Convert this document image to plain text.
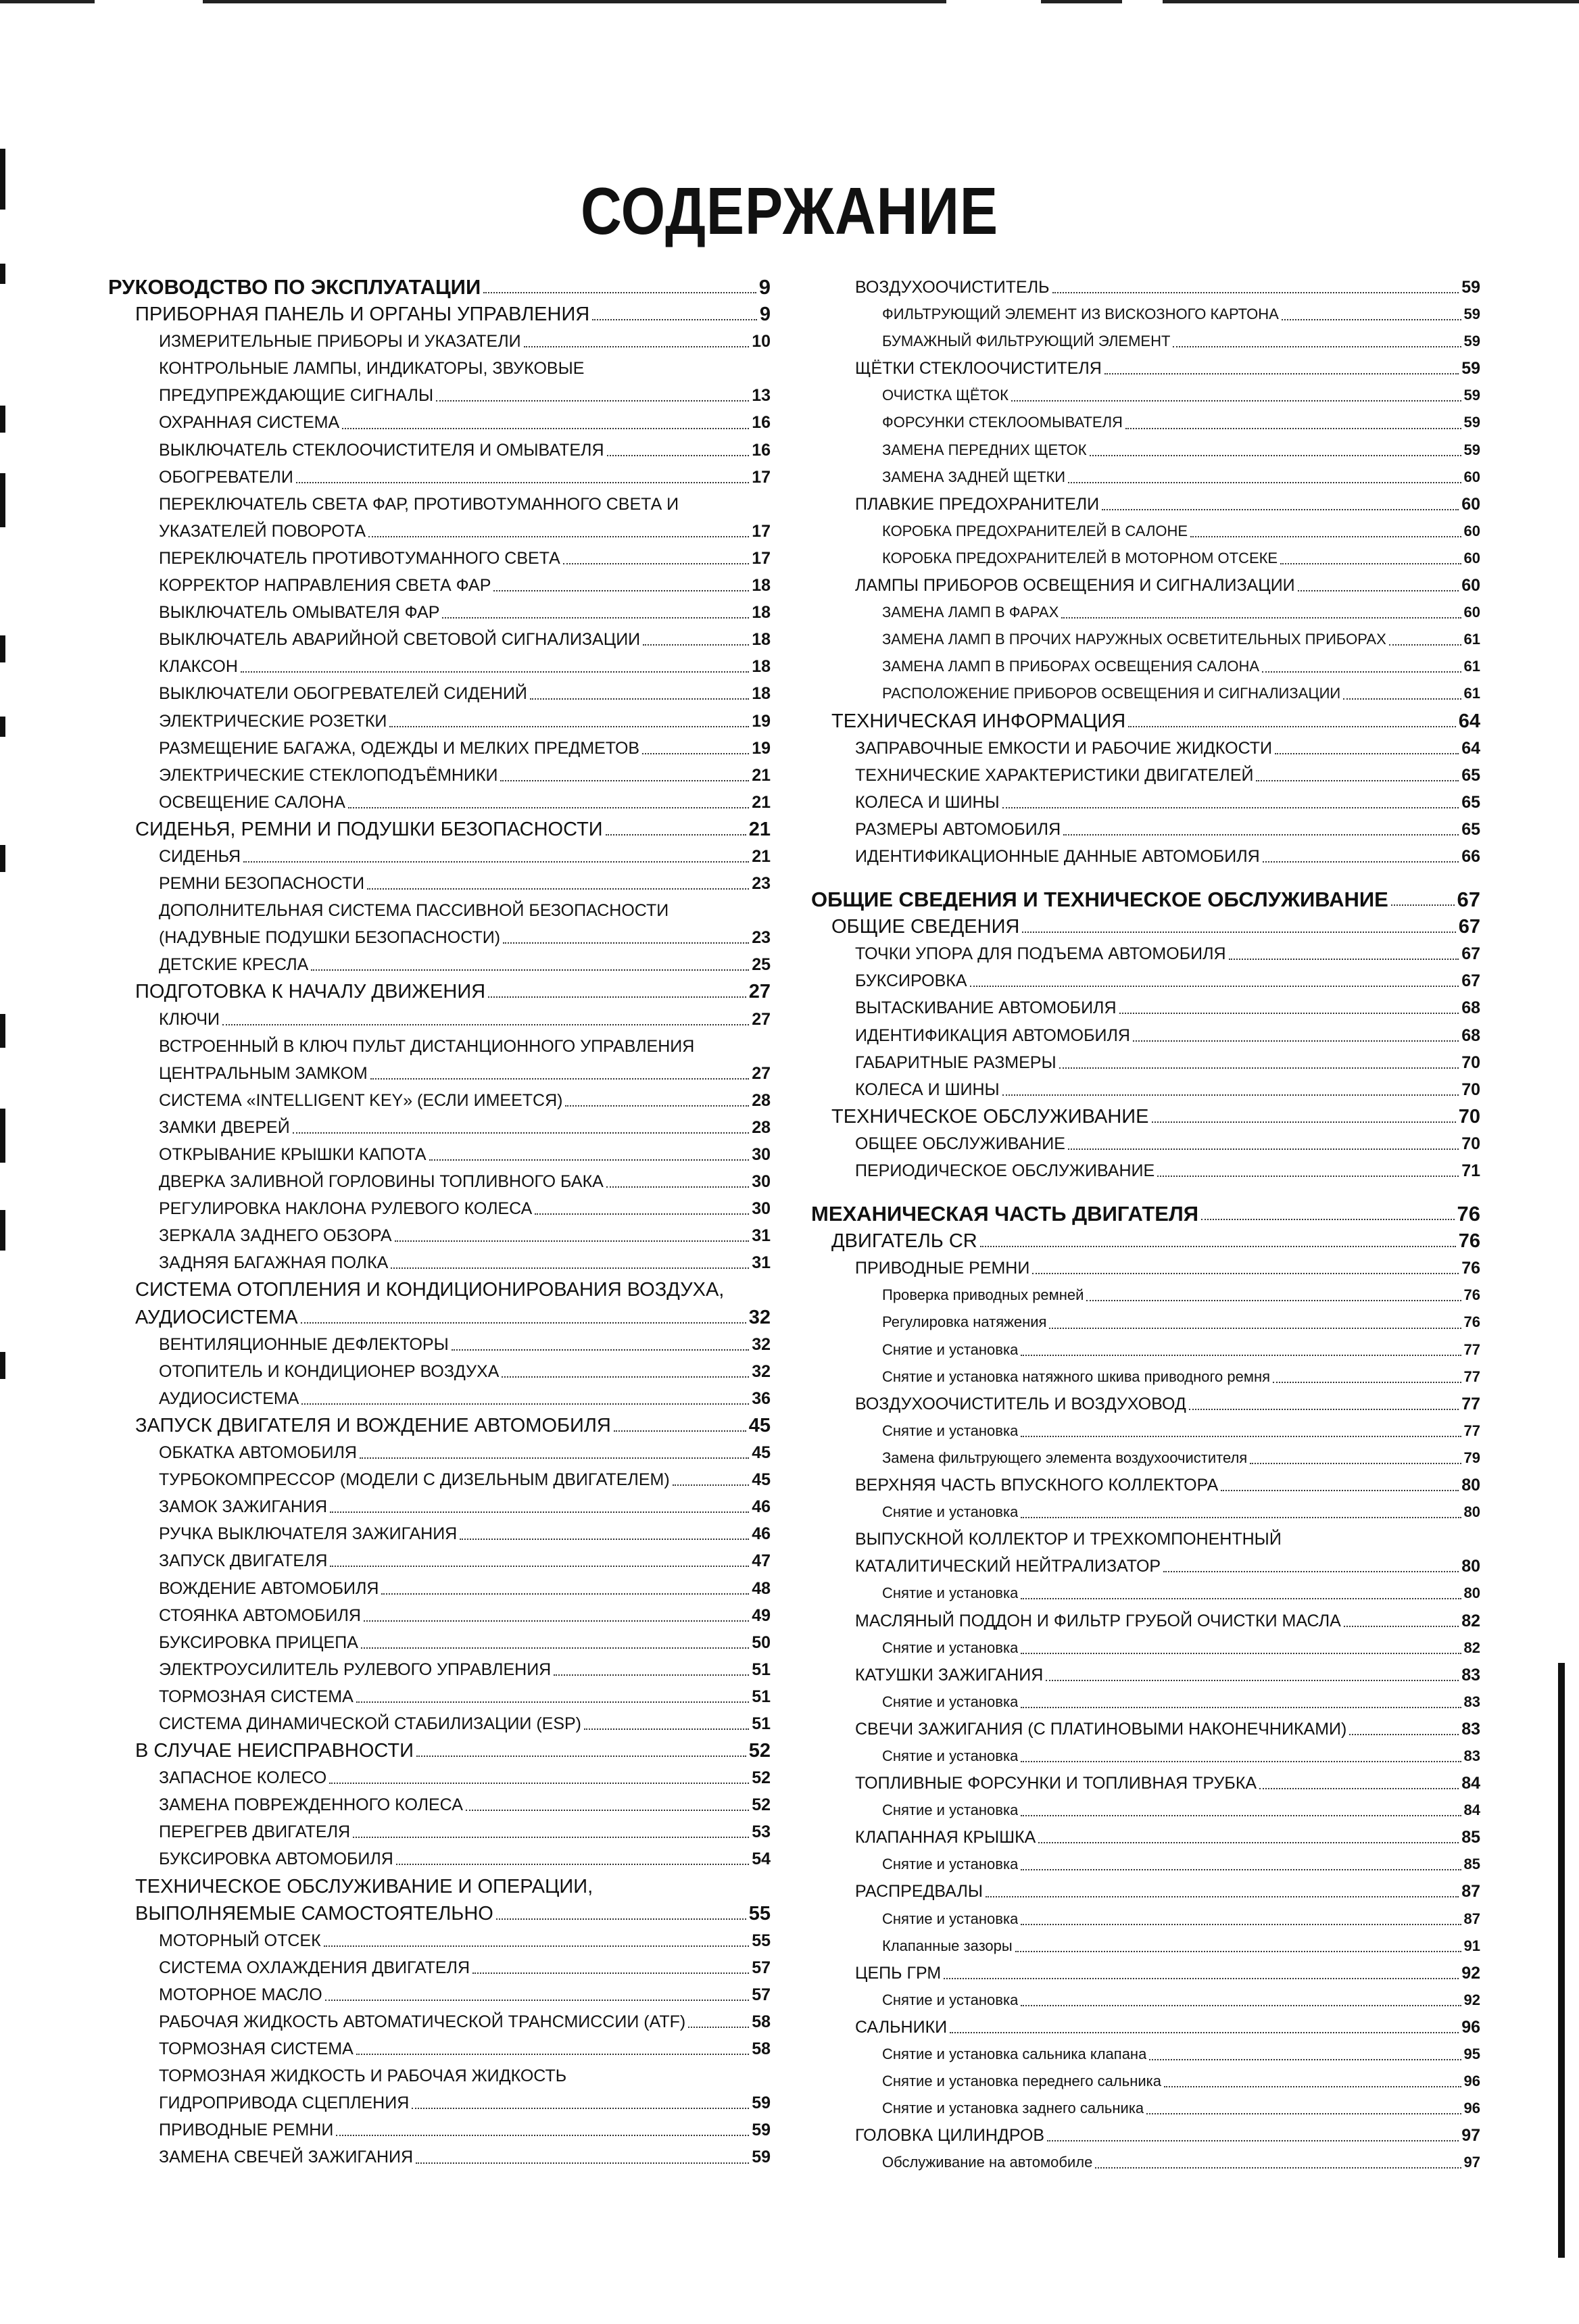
СОДЕРЖАНИЕ
РУКОВОДСТВО ПО ЭКСПЛУАТАЦИИ	9
ПРИБОРНАЯ ПАНЕЛЬ И ОРГАНЫ УПРАВЛЕНИЯ	9
ИЗМЕРИТЕЛЬНЫЕ ПРИБОРЫ И УКАЗАТЕЛИ	10
КОНТРОЛЬНЫЕ ЛАМПЫ, ИНДИКАТОРЫ, ЗВУКОВЫЕ
ПРЕДУПРЕЖДАЮЩИЕ СИГНАЛЫ	13
ОХРАННАЯ СИСТЕМА	16
ВЫКЛЮЧАТЕЛЬ СТЕКЛООЧИСТИТЕЛЯ И ОМЫВАТЕЛЯ	16
ОБОГРЕВАТЕЛИ	17
ПЕРЕКЛЮЧАТЕЛЬ СВЕТА ФАР, ПРОТИВОТУМАННОГО СВЕТА И
УКАЗАТЕЛЕЙ ПОВОРОТА	17
ПЕРЕКЛЮЧАТЕЛЬ ПРОТИВОТУМАННОГО СВЕТА	17
КОРРЕКТОР НАПРАВЛЕНИЯ СВЕТА ФАР	18
ВЫКЛЮЧАТЕЛЬ ОМЫВАТЕЛЯ ФАР	18
ВЫКЛЮЧАТЕЛЬ АВАРИЙНОЙ СВЕТОВОЙ СИГНАЛИЗАЦИИ	18
КЛАКСОН	18
ВЫКЛЮЧАТЕЛИ ОБОГРЕВАТЕЛЕЙ СИДЕНИЙ	18
ЭЛЕКТРИЧЕСКИЕ РОЗЕТКИ	19
РАЗМЕЩЕНИЕ БАГАЖА, ОДЕЖДЫ И МЕЛКИХ ПРЕДМЕТОВ	19
ЭЛЕКТРИЧЕСКИЕ СТЕКЛОПОДЪЁМНИКИ	21
ОСВЕЩЕНИЕ САЛОНА	21
СИДЕНЬЯ, РЕМНИ И ПОДУШКИ БЕЗОПАСНОСТИ	21
СИДЕНЬЯ	21
РЕМНИ БЕЗОПАСНОСТИ	23
ДОПОЛНИТЕЛЬНАЯ СИСТЕМА ПАССИВНОЙ БЕЗОПАСНОСТИ
(НАДУВНЫЕ ПОДУШКИ БЕЗОПАСНОСТИ)	23
ДЕТСКИЕ КРЕСЛА	25
ПОДГОТОВКА К НАЧАЛУ ДВИЖЕНИЯ	27
КЛЮЧИ	27
ВСТРОЕННЫЙ В КЛЮЧ ПУЛЬТ ДИСТАНЦИОННОГО УПРАВЛЕНИЯ
ЦЕНТРАЛЬНЫМ ЗАМКОМ	27
СИСТЕМА «INTELLIGENT KEY» (ЕСЛИ ИМЕЕТСЯ)	28
ЗАМКИ ДВЕРЕЙ	28
ОТКРЫВАНИЕ КРЫШКИ КАПОТА	30
ДВЕРКА ЗАЛИВНОЙ ГОРЛОВИНЫ ТОПЛИВНОГО БАКА	30
РЕГУЛИРОВКА НАКЛОНА РУЛЕВОГО КОЛЕСА	30
ЗЕРКАЛА ЗАДНЕГО ОБЗОРА	31
ЗАДНЯЯ БАГАЖНАЯ ПОЛКА	31
СИСТЕМА ОТОПЛЕНИЯ И КОНДИЦИОНИРОВАНИЯ ВОЗДУХА,
АУДИОСИСТЕМА	32
ВЕНТИЛЯЦИОННЫЕ ДЕФЛЕКТОРЫ	32
ОТОПИТЕЛЬ И КОНДИЦИОНЕР ВОЗДУХА	32
АУДИОСИСТЕМА	36
ЗАПУСК ДВИГАТЕЛЯ И ВОЖДЕНИЕ АВТОМОБИЛЯ	45
ОБКАТКА АВТОМОБИЛЯ	45
ТУРБОКОМПРЕССОР (МОДЕЛИ С ДИЗЕЛЬНЫМ ДВИГАТЕЛЕМ)	45
ЗАМОК ЗАЖИГАНИЯ	46
РУЧКА ВЫКЛЮЧАТЕЛЯ ЗАЖИГАНИЯ	46
ЗАПУСК ДВИГАТЕЛЯ	47
ВОЖДЕНИЕ АВТОМОБИЛЯ	48
СТОЯНКА АВТОМОБИЛЯ	49
БУКСИРОВКА ПРИЦЕПА	50
ЭЛЕКТРОУСИЛИТЕЛЬ РУЛЕВОГО УПРАВЛЕНИЯ	51
ТОРМОЗНАЯ СИСТЕМА	51
СИСТЕМА ДИНАМИЧЕСКОЙ СТАБИЛИЗАЦИИ (ESP)	51
В СЛУЧАЕ НЕИСПРАВНОСТИ	52
ЗАПАСНОЕ КОЛЕСО	52
ЗАМЕНА ПОВРЕЖДЕННОГО КОЛЕСА	52
ПЕРЕГРЕВ ДВИГАТЕЛЯ	53
БУКСИРОВКА АВТОМОБИЛЯ	54
ТЕХНИЧЕСКОЕ ОБСЛУЖИВАНИЕ И ОПЕРАЦИИ,
ВЫПОЛНЯЕМЫЕ САМОСТОЯТЕЛЬНО	55
МОТОРНЫЙ ОТСЕК	55
СИСТЕМА ОХЛАЖДЕНИЯ ДВИГАТЕЛЯ	57
МОТОРНОЕ МАСЛО	57
РАБОЧАЯ ЖИДКОСТЬ АВТОМАТИЧЕСКОЙ ТРАНСМИССИИ (ATF)	58
ТОРМОЗНАЯ СИСТЕМА	58
ТОРМОЗНАЯ ЖИДКОСТЬ И РАБОЧАЯ ЖИДКОСТЬ
ГИДРОПРИВОДА СЦЕПЛЕНИЯ	59
ПРИВОДНЫЕ РЕМНИ	59
ЗАМЕНА СВЕЧЕЙ ЗАЖИГАНИЯ	59
ВОЗДУХООЧИСТИТЕЛЬ	59
ФИЛЬТРУЮЩИЙ ЭЛЕМЕНТ ИЗ ВИСКОЗНОГО КАРТОНА	59
БУМАЖНЫЙ ФИЛЬТРУЮЩИЙ ЭЛЕМЕНТ	59
ЩЁТКИ СТЕКЛООЧИСТИТЕЛЯ	59
ОЧИСТКА ЩЁТОК	59
ФОРСУНКИ СТЕКЛООМЫВАТЕЛЯ	59
ЗАМЕНА ПЕРЕДНИХ ЩЕТОК	59
ЗАМЕНА ЗАДНЕЙ ЩЕТКИ	60
ПЛАВКИЕ ПРЕДОХРАНИТЕЛИ	60
КОРОБКА ПРЕДОХРАНИТЕЛЕЙ В САЛОНЕ	60
КОРОБКА ПРЕДОХРАНИТЕЛЕЙ В МОТОРНОМ ОТСЕКЕ	60
ЛАМПЫ ПРИБОРОВ ОСВЕЩЕНИЯ И СИГНАЛИЗАЦИИ	60
ЗАМЕНА ЛАМП В ФАРАХ	60
ЗАМЕНА ЛАМП В ПРОЧИХ НАРУЖНЫХ ОСВЕТИТЕЛЬНЫХ ПРИБОРАХ	61
ЗАМЕНА ЛАМП В ПРИБОРАХ ОСВЕЩЕНИЯ САЛОНА	61
РАСПОЛОЖЕНИЕ ПРИБОРОВ ОСВЕЩЕНИЯ И СИГНАЛИЗАЦИИ	61
ТЕХНИЧЕСКАЯ ИНФОРМАЦИЯ	64
ЗАПРАВОЧНЫЕ ЕМКОСТИ И РАБОЧИЕ ЖИДКОСТИ	64
ТЕХНИЧЕСКИЕ ХАРАКТЕРИСТИКИ ДВИГАТЕЛЕЙ	65
КОЛЕСА И ШИНЫ	65
РАЗМЕРЫ АВТОМОБИЛЯ	65
ИДЕНТИФИКАЦИОННЫЕ ДАННЫЕ АВТОМОБИЛЯ	66
ОБЩИЕ СВЕДЕНИЯ И ТЕХНИЧЕСКОЕ ОБСЛУЖИВАНИЕ	67
ОБЩИЕ СВЕДЕНИЯ	67
ТОЧКИ УПОРА ДЛЯ ПОДЪЕМА АВТОМОБИЛЯ	67
БУКСИРОВКА	67
ВЫТАСКИВАНИЕ АВТОМОБИЛЯ	68
ИДЕНТИФИКАЦИЯ АВТОМОБИЛЯ	68
ГАБАРИТНЫЕ РАЗМЕРЫ	70
КОЛЕСА И ШИНЫ	70
ТЕХНИЧЕСКОЕ ОБСЛУЖИВАНИЕ	70
ОБЩЕЕ ОБСЛУЖИВАНИЕ	70
ПЕРИОДИЧЕСКОЕ ОБСЛУЖИВАНИЕ	71
МЕХАНИЧЕСКАЯ ЧАСТЬ ДВИГАТЕЛЯ	76
ДВИГАТЕЛЬ CR	76
ПРИВОДНЫЕ РЕМНИ	76
Проверка приводных ремней	76
Регулировка натяжения	76
Снятие и установка	77
Снятие и установка натяжного шкива приводного ремня	77
ВОЗДУХООЧИСТИТЕЛЬ И ВОЗДУХОВОД	77
Снятие и установка	77
Замена фильтрующего элемента воздухоочистителя	79
ВЕРХНЯЯ ЧАСТЬ ВПУСКНОГО КОЛЛЕКТОРА	80
Снятие и установка	80
ВЫПУСКНОЙ КОЛЛЕКТОР И ТРЕХКОМПОНЕНТНЫЙ
КАТАЛИТИЧЕСКИЙ НЕЙТРАЛИЗАТОР	80
Снятие и установка	80
МАСЛЯНЫЙ ПОДДОН И ФИЛЬТР ГРУБОЙ ОЧИСТКИ МАСЛА	82
Снятие и установка	82
КАТУШКИ ЗАЖИГАНИЯ	83
Снятие и установка	83
СВЕЧИ ЗАЖИГАНИЯ (С ПЛАТИНОВЫМИ НАКОНЕЧНИКАМИ)	83
Снятие и установка	83
ТОПЛИВНЫЕ ФОРСУНКИ И ТОПЛИВНАЯ ТРУБКА	84
Снятие и установка	84
КЛАПАННАЯ КРЫШКА	85
Снятие и установка	85
РАСПРЕДВАЛЫ	87
Снятие и установка	87
Клапанные зазоры	91
ЦЕПЬ ГРМ	92
Снятие и установка	92
САЛЬНИКИ	96
Снятие и установка сальника клапана	95
Снятие и установка переднего сальника	96
Снятие и установка заднего сальника	96
ГОЛОВКА ЦИЛИНДРОВ	97
Обслуживание на автомобиле	97
